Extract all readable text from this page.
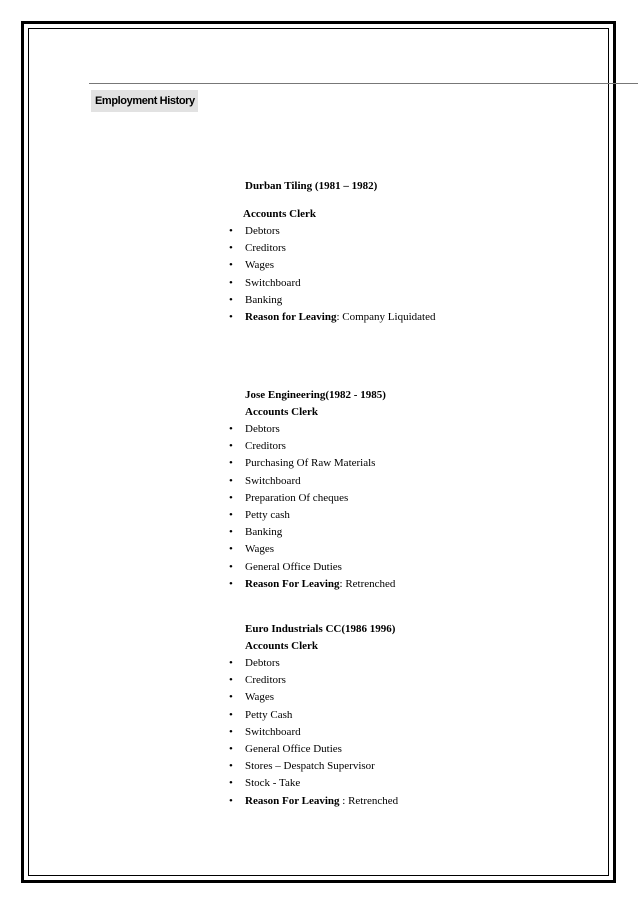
Employment History
Durban Tiling (1981 – 1982)
Accounts Clerk
• Debtors
• Creditors
• Wages
• Switchboard
• Banking
• Reason for Leaving: Company Liquidated
Jose Engineering(1982 - 1985)
Accounts Clerk
• Debtors
• Creditors
• Purchasing Of Raw Materials
• Switchboard
• Preparation Of cheques
• Petty cash
• Banking
• Wages
• General Office Duties
• Reason For Leaving: Retrenched
Euro Industrials CC(1986 1996)
Accounts Clerk
• Debtors
• Creditors
• Wages
• Petty Cash
• Switchboard
• General Office Duties
• Stores – Despatch Supervisor
• Stock - Take
• Reason For Leaving : Retrenched
